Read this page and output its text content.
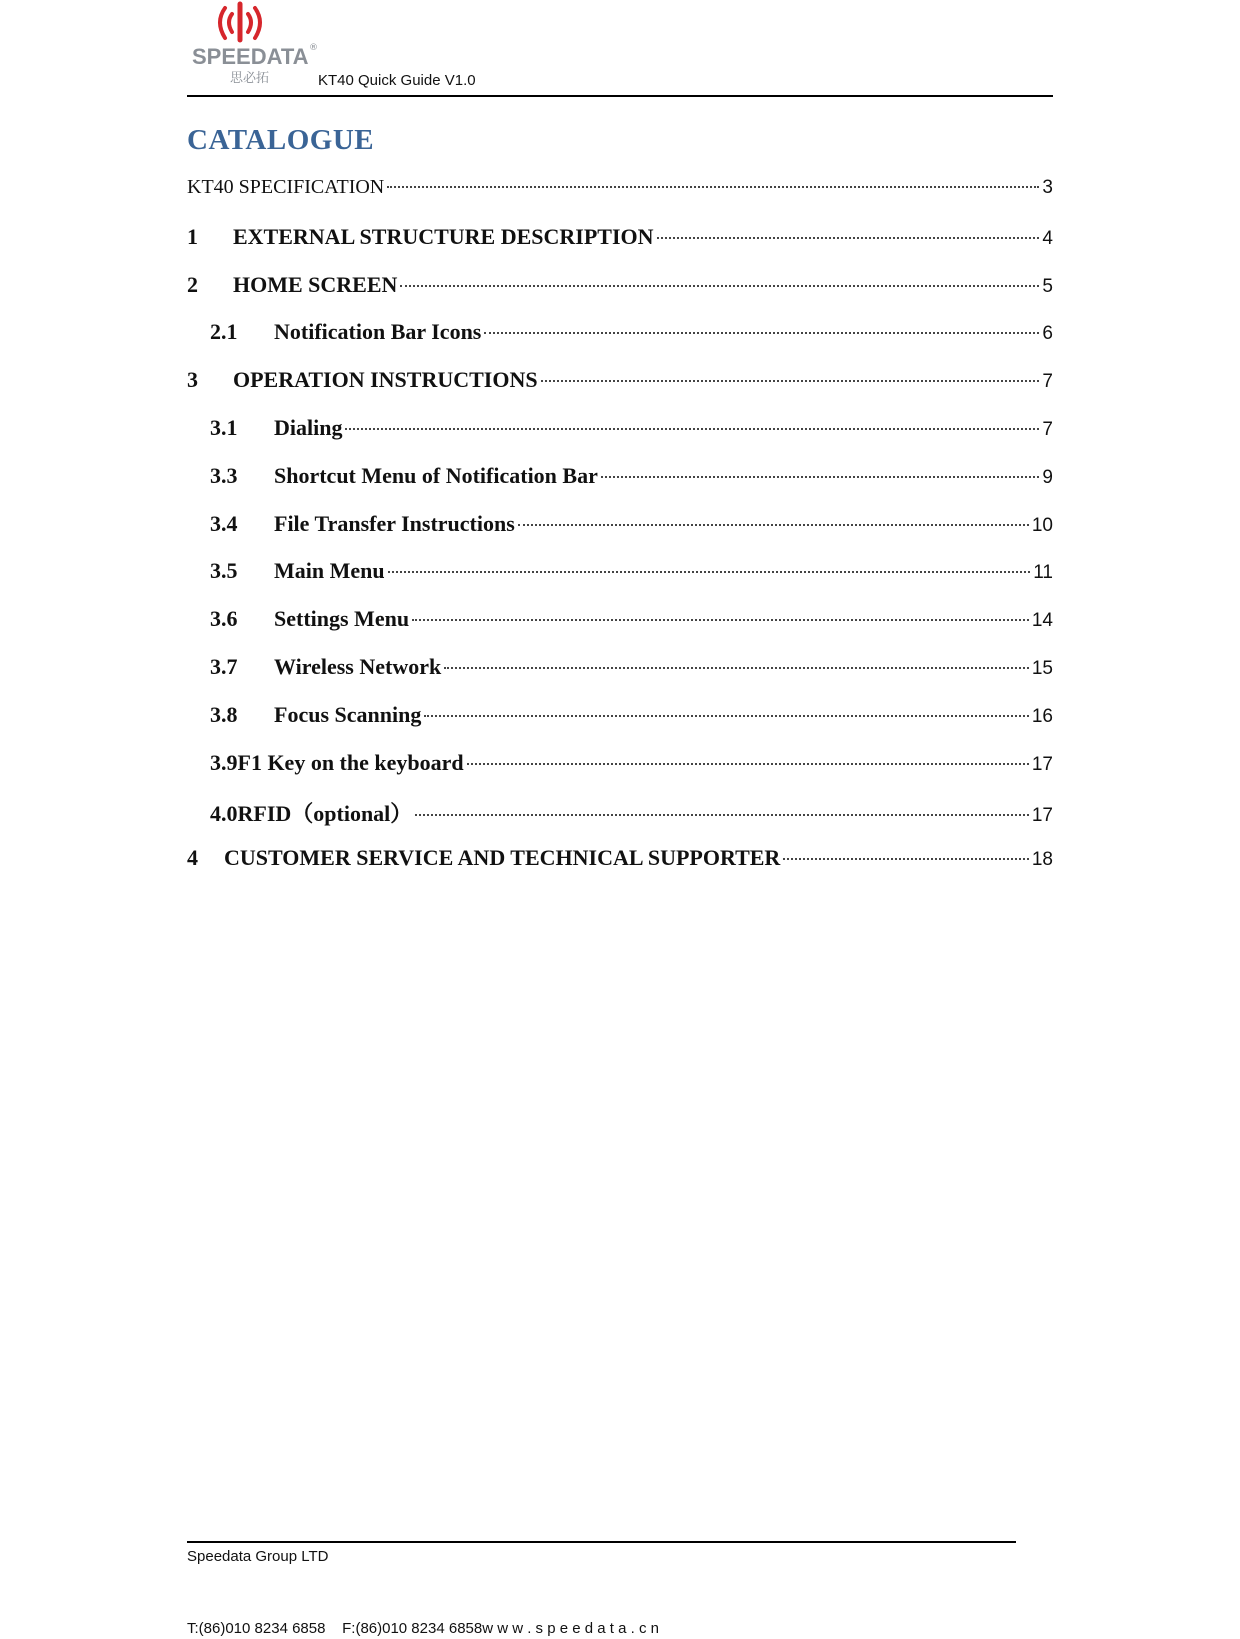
SPEEDATA ®
思必拓	KT40 Quick Guide V1.0
CATALOGUE
KT40 SPECIFICATION	3
1	EXTERNAL STRUCTURE DESCRIPTION	4
2	HOME SCREEN	5
2.1	Notification Bar Icons	6
3	OPERATION INSTRUCTIONS	7
3.1	Dialing	7
3.3	Shortcut Menu of Notification Bar	9
3.4	File Transfer Instructions	10
3.5	Main Menu	11
3.6	Settings Menu	14
3.7	Wireless Network	15
3.8	Focus Scanning	16
3.9F1 Key on the keyboard	17
4.0RFID（optional）	17
4	CUSTOMER SERVICE AND TECHNICAL SUPPORTER	18
Speedata Group LTD
T:(86)010 8234 6858    F:(86)010 8234 6858w w w . s p e e d a t a . c n
